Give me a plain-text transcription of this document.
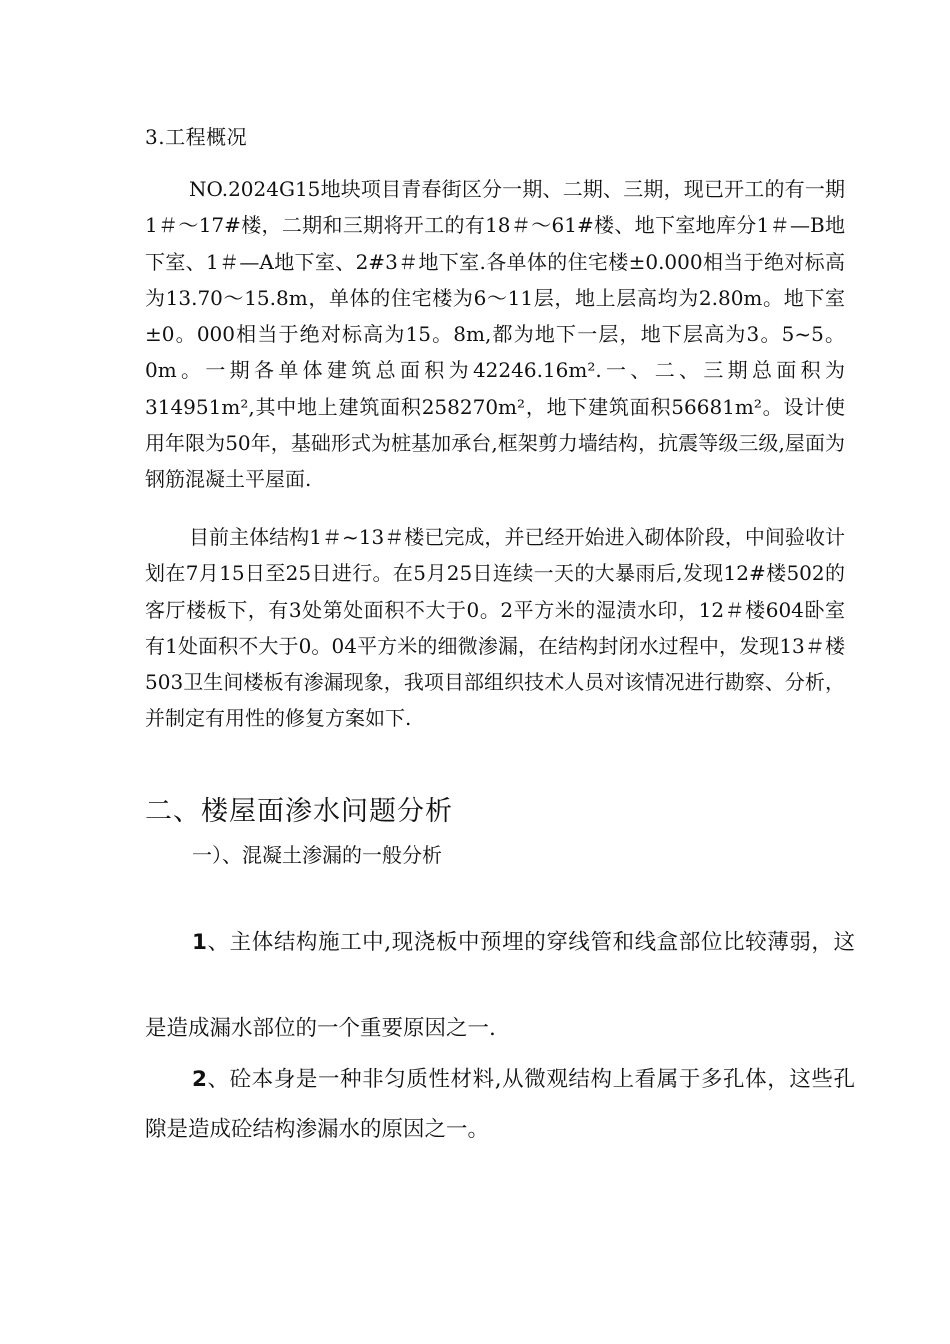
3.工程概况

NO.2024G15地块项目青春街区分一期、二期、三期，现已开工的有一期1＃～17#楼，二期和三期将开工的有18＃～61#楼、地下室地库分1＃—B地下室、1＃—A地下室、2#3＃地下室.各单体的住宅楼±0.000相当于绝对标高为13.70～15.8m，单体的住宅楼为6～11层，地上层高均为2.80m。地下室±0。000相当于绝对标高为15。8m,都为地下一层，地下层高为3。5~5。0m。一期各单体建筑总面积为42246.16m².一、二、三期总面积为314951m²,其中地上建筑面积258270m²，地下建筑面积56681m²。设计使用年限为50年，基础形式为桩基加承台,框架剪力墙结构，抗震等级三级,屋面为钢筋混凝土平屋面.

目前主体结构1＃~13＃楼已完成，并已经开始进入砌体阶段，中间验收计划在7月15日至25日进行。在5月25日连续一天的大暴雨后,发现12#楼502的客厅楼板下，有3处第处面积不大于0。2平方米的湿渍水印，12＃楼604卧室有1处面积不大于0。04平方米的细微渗漏，在结构封闭水过程中，发现13＃楼503卫生间楼板有渗漏现象，我项目部组织技术人员对该情况进行勘察、分析，并制定有用性的修复方案如下.

二、楼屋面渗水问题分析
一）、混凝土渗漏的一般分析

1、主体结构施工中,现浇板中预埋的穿线管和线盒部位比较薄弱，这是造成漏水部位的一个重要原因之一.

2、砼本身是一种非匀质性材料,从微观结构上看属于多孔体，这些孔隙是造成砼结构渗漏水的原因之一。
